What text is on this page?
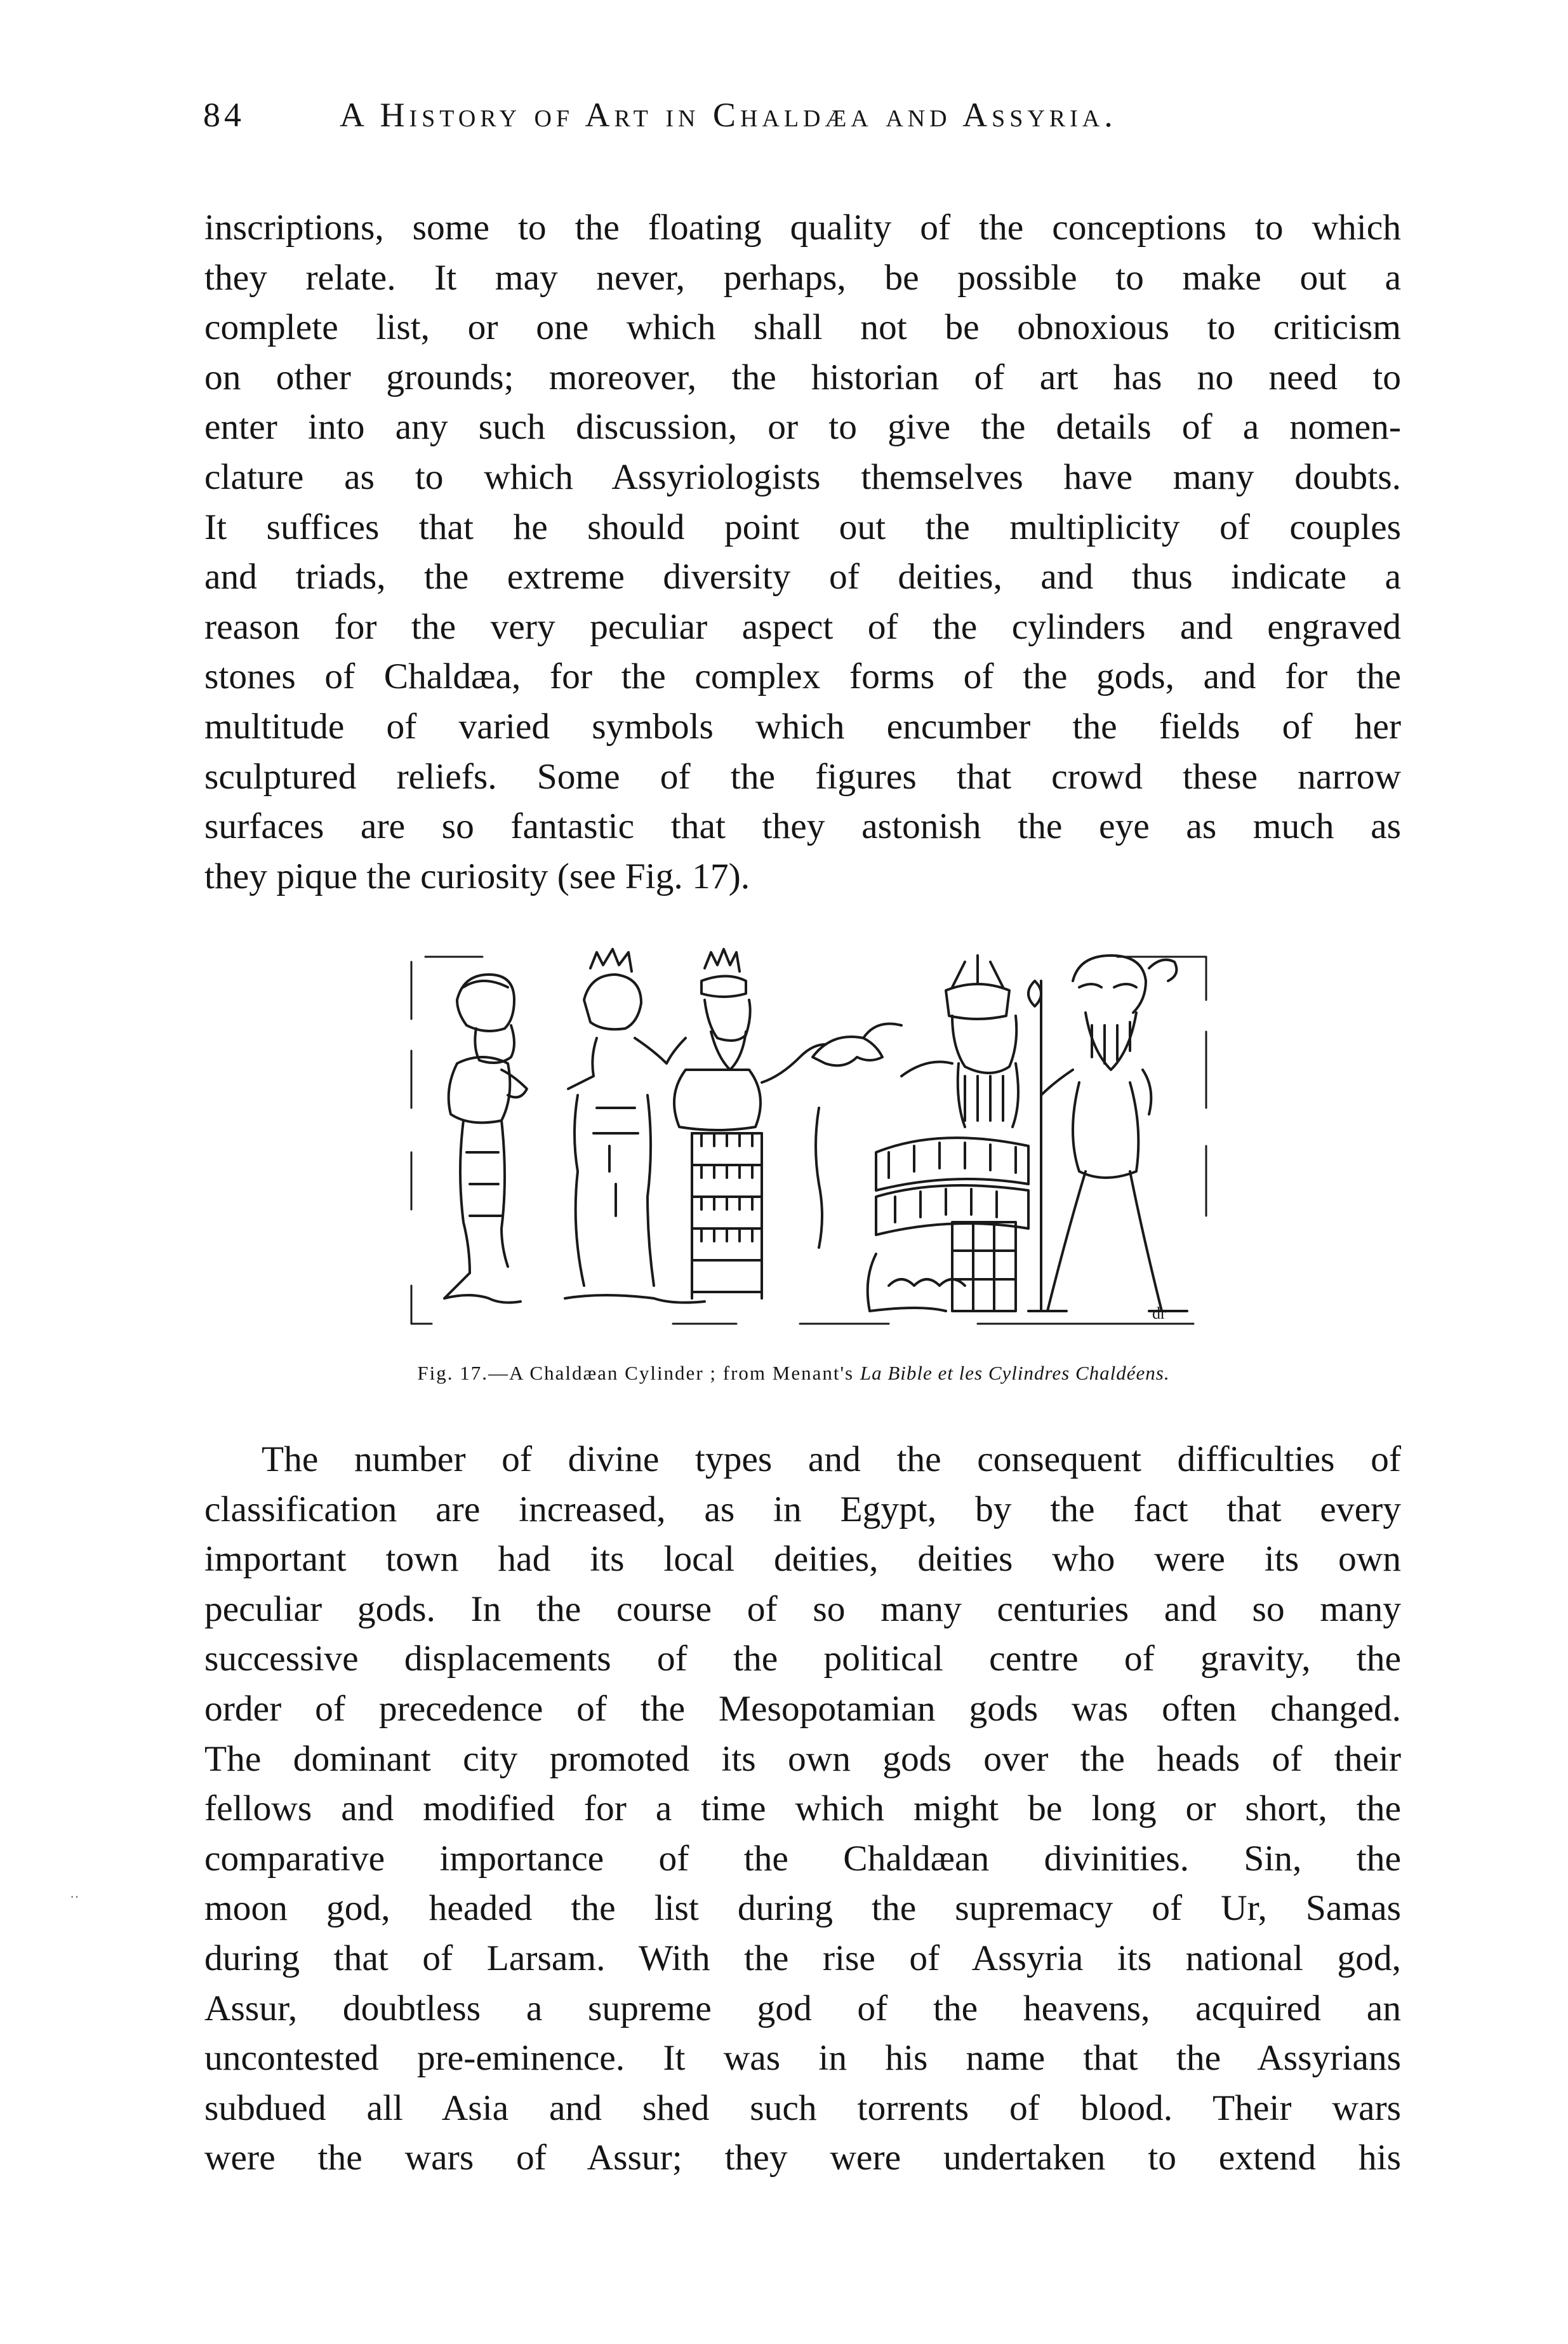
84	A History of Art in Chaldæa and Assyria.
inscriptions, some to the floating quality of the conceptions to which
they relate. It may never, perhaps, be possible to make out a
complete list, or one which shall not be obnoxious to criticism
on other grounds; moreover, the historian of art has no need to
enter into any such discussion, or to give the details of a nomen-
clature as to which Assyriologists themselves have many doubts.
It suffices that he should point out the multiplicity of couples
and triads, the extreme diversity of deities, and thus indicate a
reason for the very peculiar aspect of the cylinders and engraved
stones of Chaldæa, for the complex forms of the gods, and for the
multitude of varied symbols which encumber the fields of her
sculptured reliefs. Some of the figures that crowd these narrow
surfaces are so fantastic that they astonish the eye as much as
they pique the curiosity (see Fig. 17).
dr
Fig. 17.—A Chaldæan Cylinder ; from Menant's La Bible et les Cylindres Chaldéens.
The number of divine types and the consequent difficulties of
classification are increased, as in Egypt, by the fact that every
important town had its local deities, deities who were its own
peculiar gods. In the course of so many centuries and so many
successive displacements of the political centre of gravity, the
order of precedence of the Mesopotamian gods was often changed.
The dominant city promoted its own gods over the heads of their
fellows and modified for a time which might be long or short, the
comparative importance of the Chaldæan divinities. Sin, the
moon god, headed the list during the supremacy of Ur, Samas
during that of Larsam. With the rise of Assyria its national god,
Assur, doubtless a supreme god of the heavens, acquired an
uncontested pre-eminence. It was in his name that the Assyrians
subdued all Asia and shed such torrents of blood. Their wars
were the wars of Assur; they were undertaken to extend his
··
